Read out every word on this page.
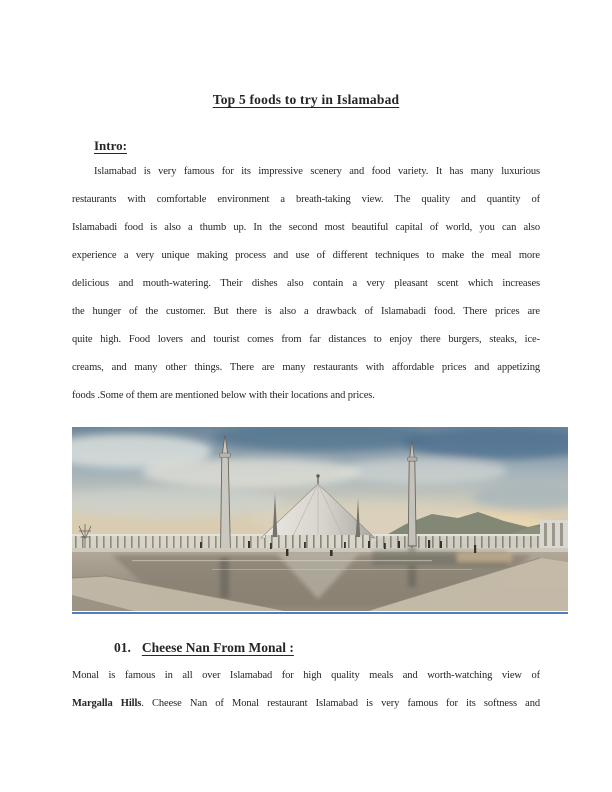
Top 5 foods to try in Islamabad
Intro:
Islamabad is very famous for its impressive scenery and food variety. It has many luxurious
restaurants with comfortable environment a breath-taking view. The quality and quantity of
Islamabadi food is also a thumb up. In the second most beautiful capital of world, you can also
experience a very unique making process and use of different techniques to make the meal more
delicious and mouth-watering. Their dishes also contain a very pleasant scent which increases
the hunger of the customer. But there is also a drawback of Islamabadi food. There prices are
quite high. Food lovers and tourist comes from far distances to enjoy there burgers, steaks, ice-
creams, and many other things. There are many restaurants with affordable prices and appetizing
foods .Some of them are mentioned below with their locations and prices.
01. Cheese Nan From Monal :
Monal is famous in all over Islamabad for high quality meals and worth-watching view of
Margalla Hills. Cheese Nan of Monal restaurant Islamabad is very famous for its softness and
